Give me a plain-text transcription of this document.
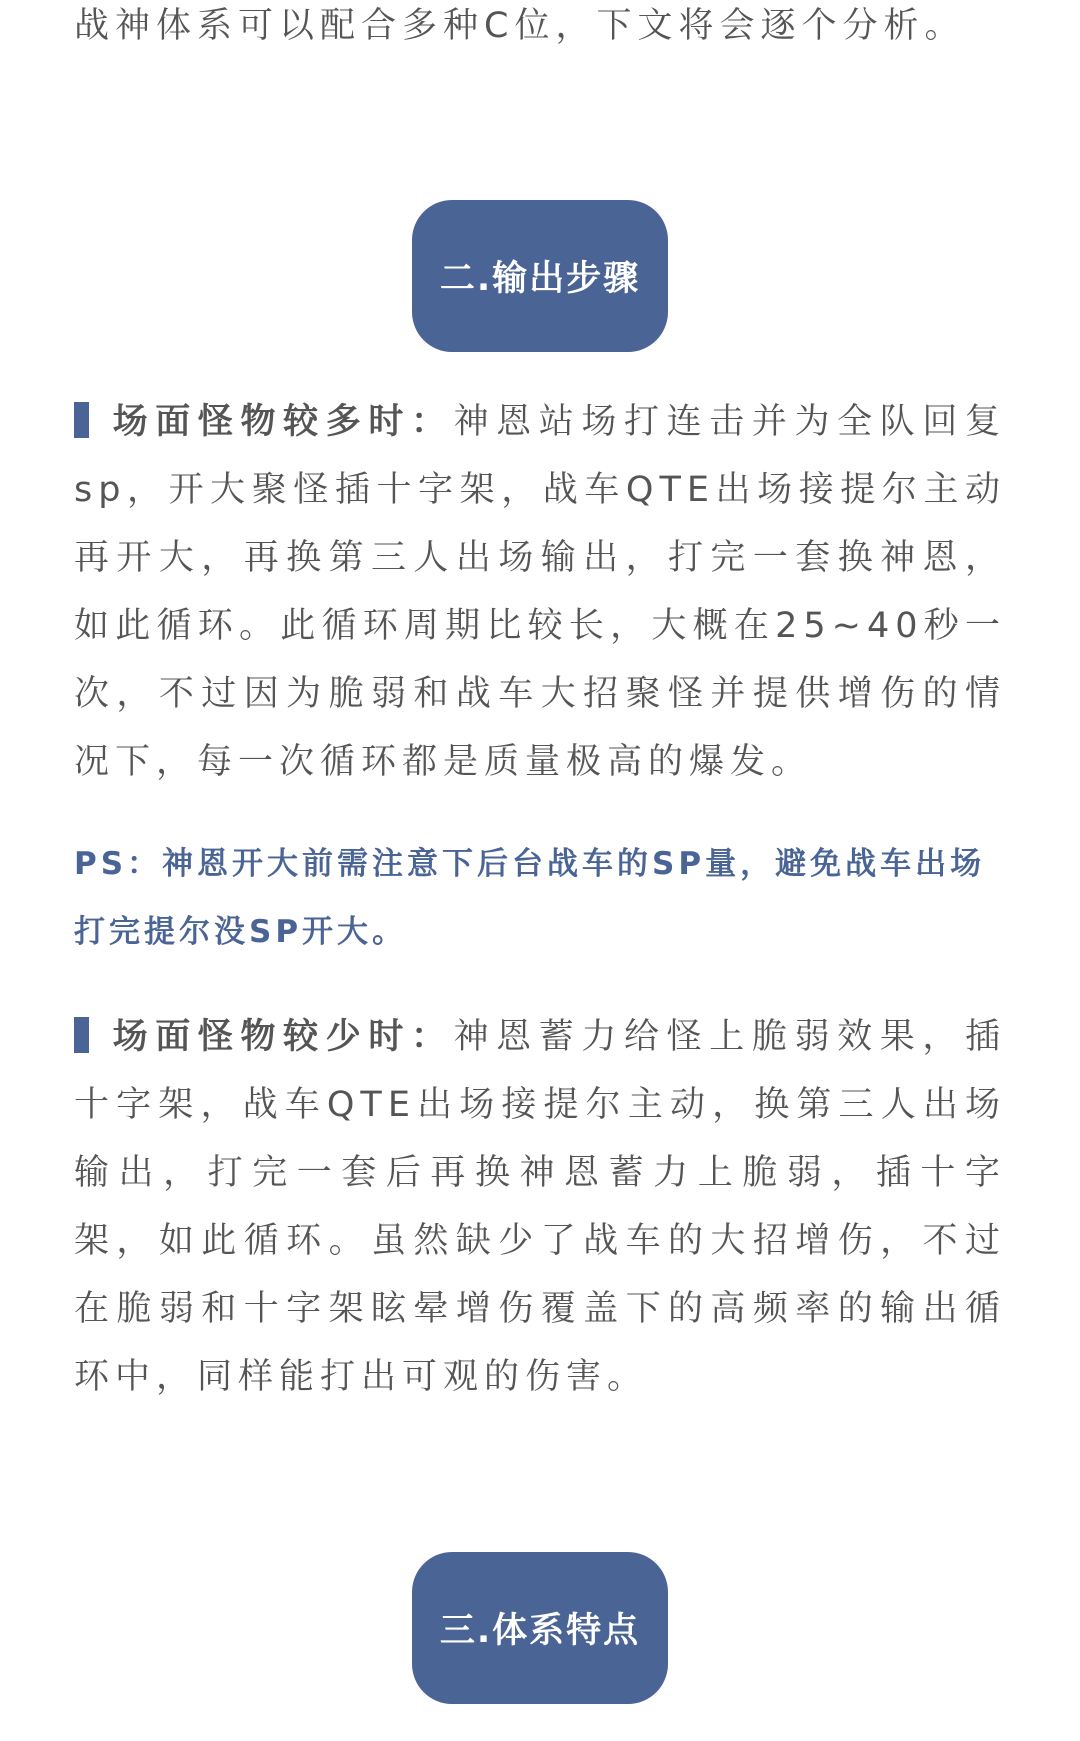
战神体系可以配合多种C位，下文将会逐个分析。

二.输出步骤

场面怪物较多时：神恩站场打连击并为全队回复sp，开大聚怪插十字架，战车QTE出场接提尔主动再开大，再换第三人出场输出，打完一套换神恩，如此循环。此循环周期比较长，大概在25~40秒一次，不过因为脆弱和战车大招聚怪并提供增伤的情况下，每一次循环都是质量极高的爆发。

PS：神恩开大前需注意下后台战车的SP量，避免战车出场打完提尔没SP开大。

场面怪物较少时：神恩蓄力给怪上脆弱效果，插十字架，战车QTE出场接提尔主动，换第三人出场输出，打完一套后再换神恩蓄力上脆弱，插十字架，如此循环。虽然缺少了战车的大招增伤，不过在脆弱和十字架眩晕增伤覆盖下的高频率的输出循环中，同样能打出可观的伤害。

三.体系特点
